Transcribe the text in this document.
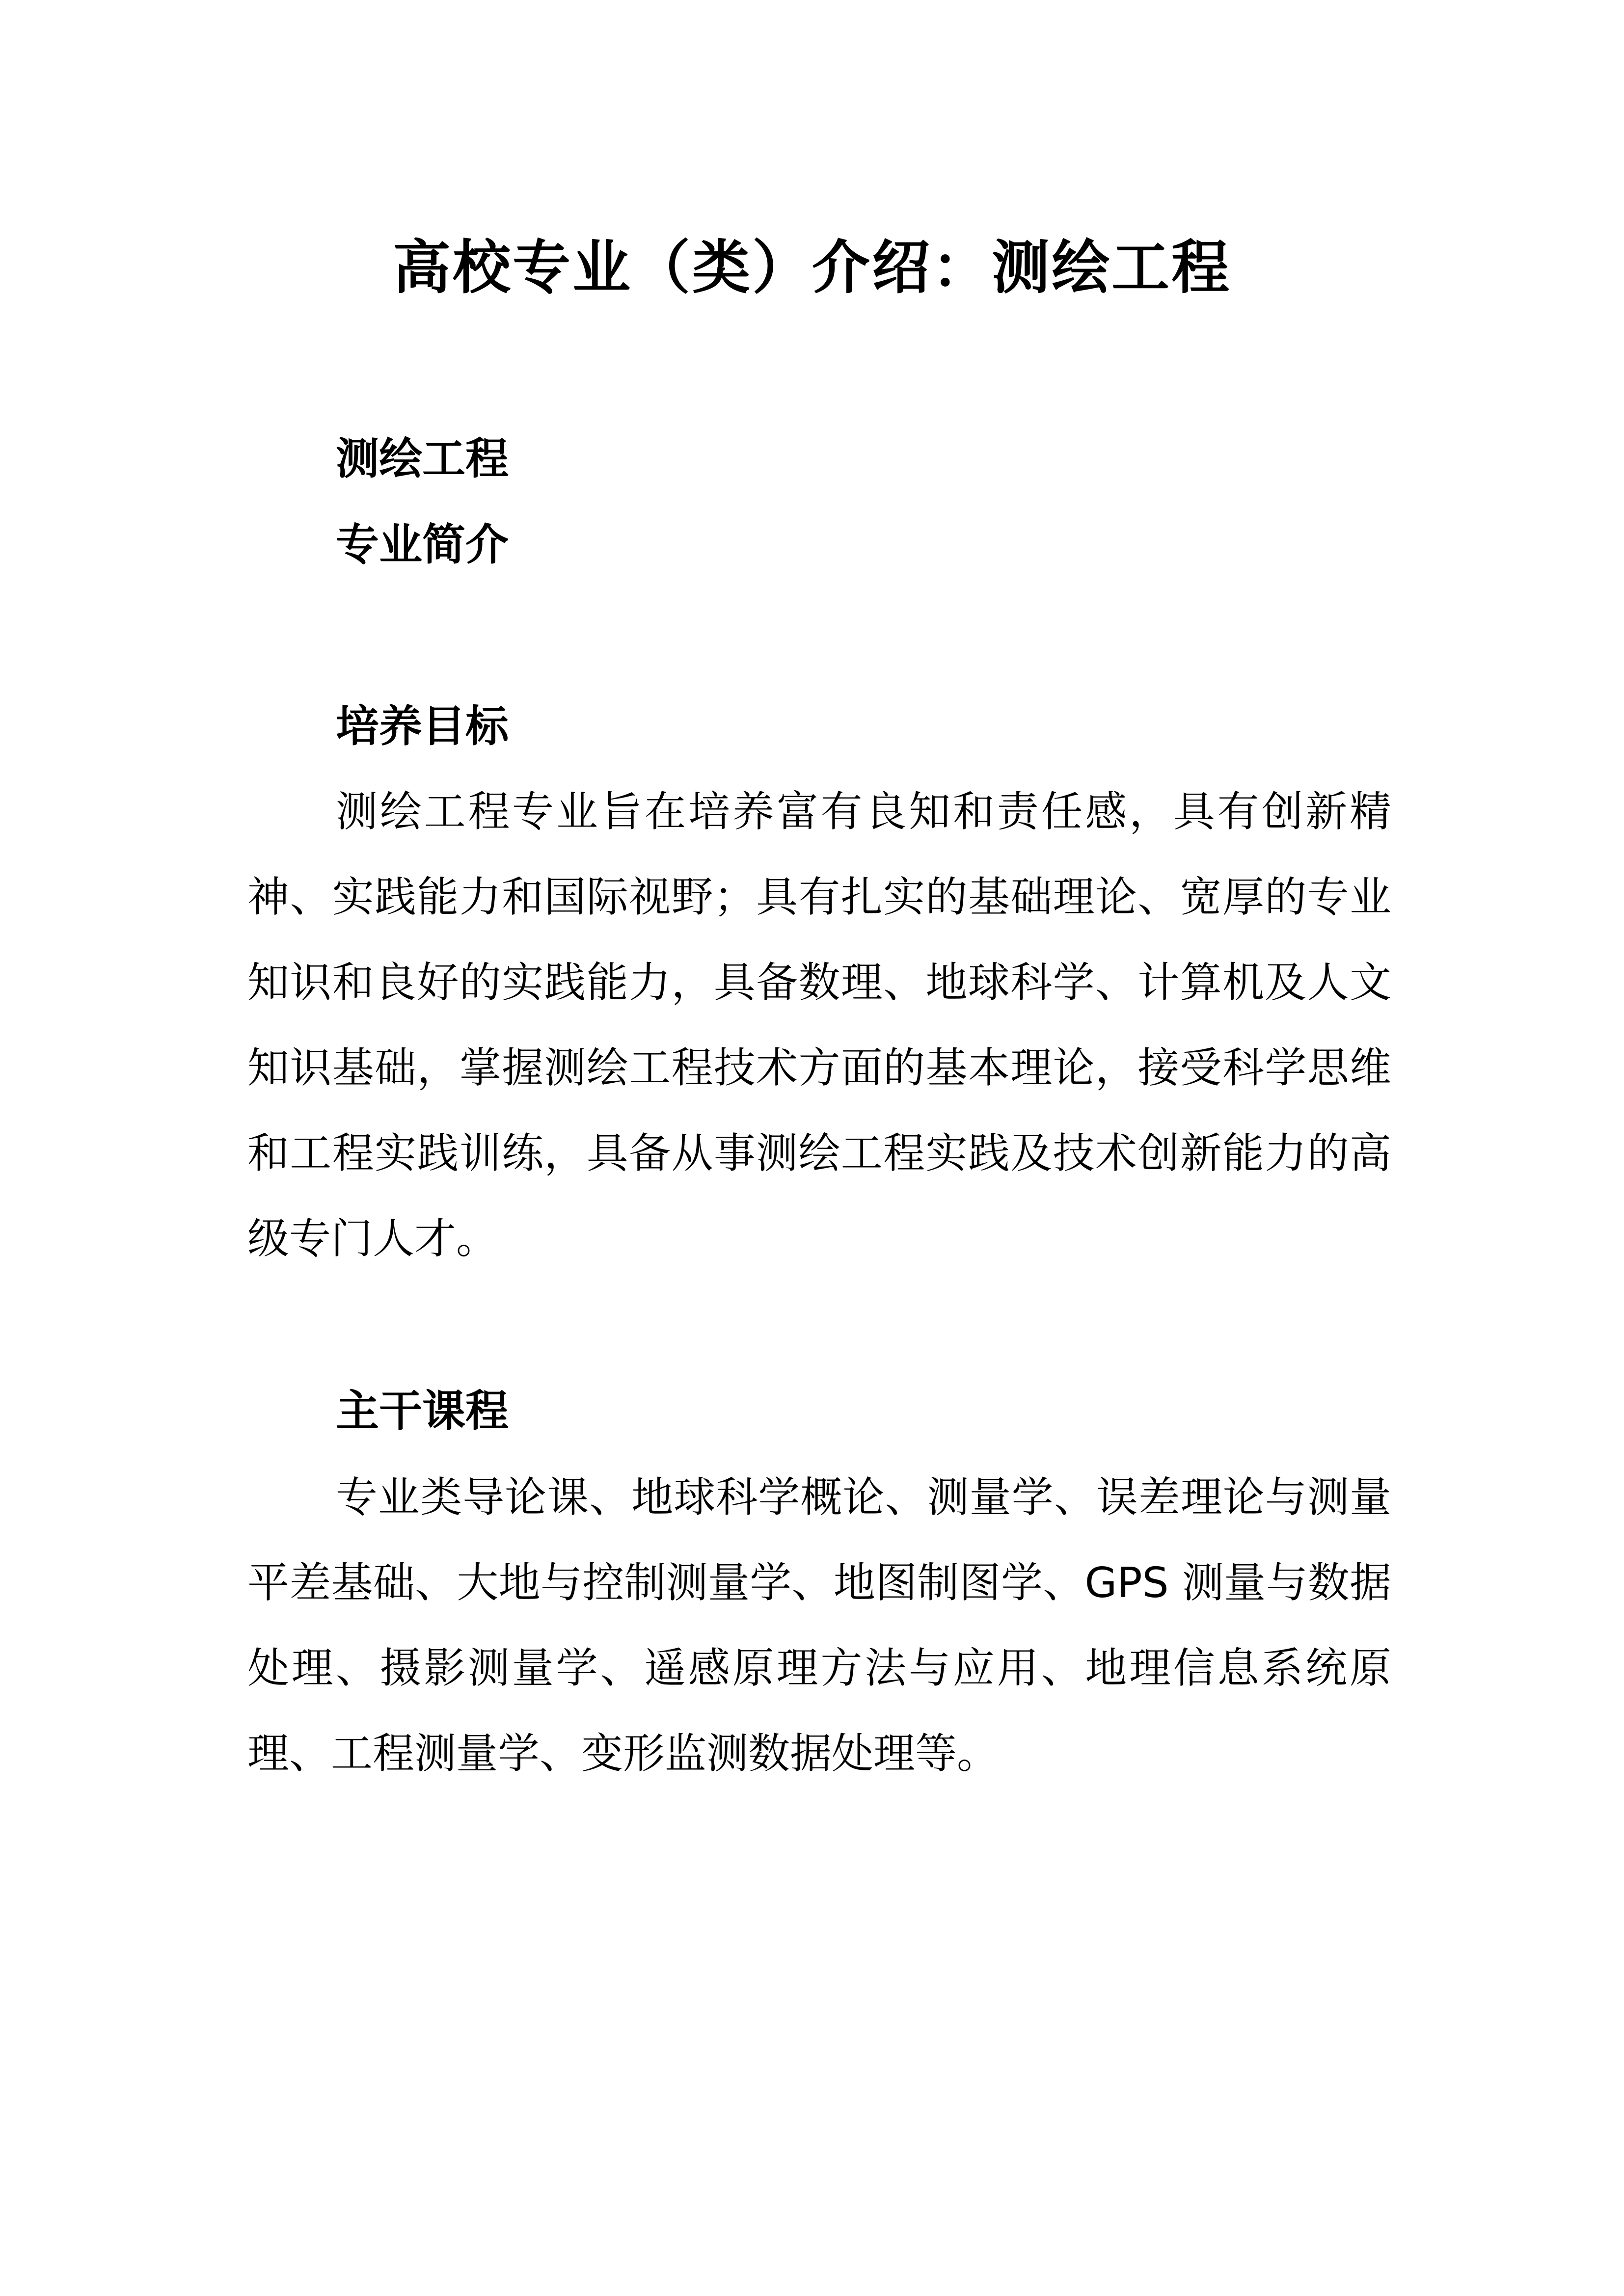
高校专业（类）介绍：测绘工程
测绘工程
专业简介
培养目标

测绘工程专业旨在培养富有良知和责任感，具有创新精神、实践能力和国际视野；具有扎实的基础理论、宽厚的专业知识和良好的实践能力，具备数理、地球科学、计算机及人文知识基础，掌握测绘工程技术方面的基本理论，接受科学思维和工程实践训练，具备从事测绘工程实践及技术创新能力的高级专门人才。

主干课程

专业类导论课、地球科学概论、测量学、误差理论与测量平差基础、大地与控制测量学、地图制图学、GPS 测量与数据处理、摄影测量学、遥感原理方法与应用、地理信息系统原理、工程测量学、变形监测数据处理等。
